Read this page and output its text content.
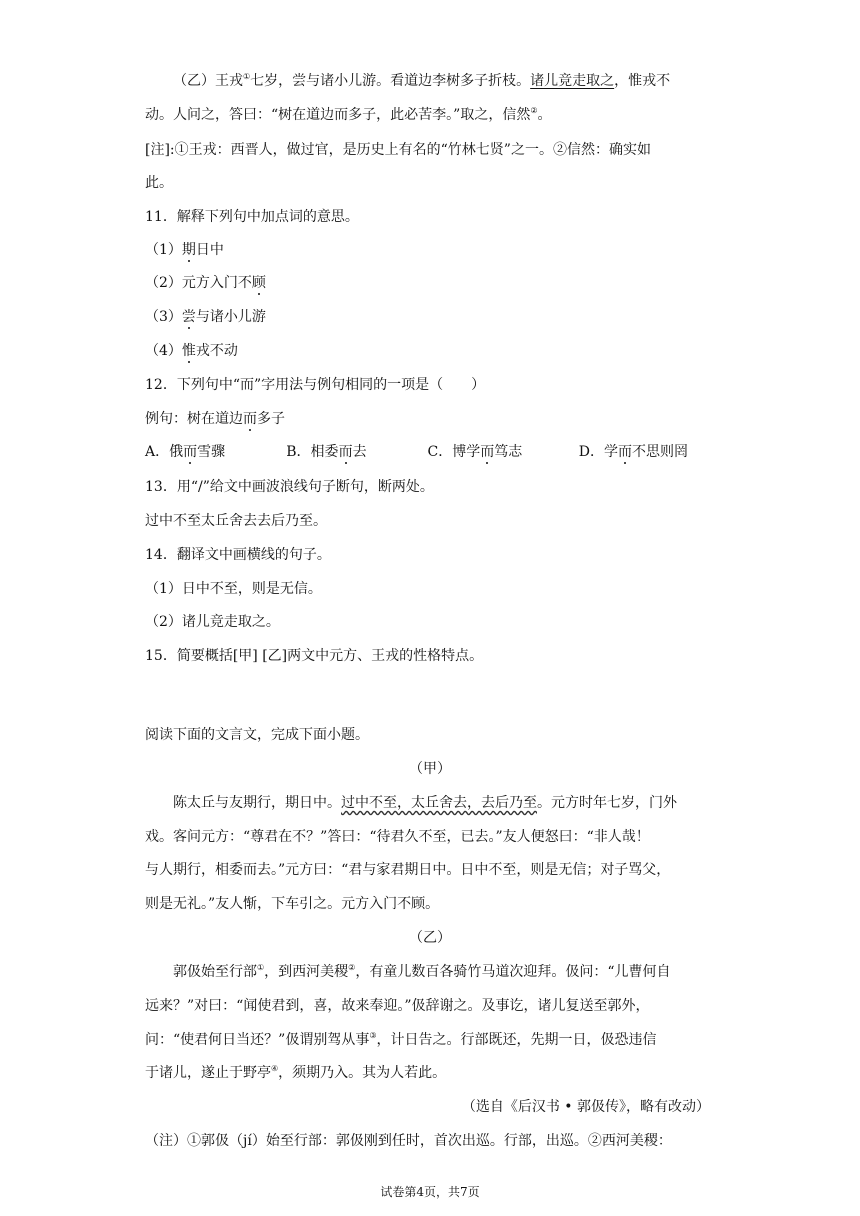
（乙）王戎①七岁，尝与诸小儿游。看道边李树多子折枝。诸儿竞走取之，惟戎不
动。人问之，答曰：“树在道边而多子，此必苦李。”取之，信然②。
[注]:①王戎：西晋人，做过官，是历史上有名的“竹林七贤”之一。②信然：确实如
此。
11．解释下列句中加点词的意思。
（1）期日中
（2）元方入门不顾
（3）尝与诸小儿游
（4）惟戎不动
12．下列句中“而”字用法与例句相同的一项是（　　）
例句：树在道边而多子
A．俄而雪骤	B．相委而去	C．博学而笃志	D．学而不思则罔
13．用“/”给文中画波浪线句子断句，断两处。
过中不至太丘舍去去后乃至。
14．翻译文中画横线的句子。
（1）日中不至，则是无信。
（2）诸儿竞走取之。
15．简要概括[甲] [乙]两文中元方、王戎的性格特点。
阅读下面的文言文，完成下面小题。
（甲）
陈太丘与友期行，期日中。过中不至，太丘舍去，去后乃至。元方时年七岁，门外
戏。客问元方：“尊君在不？”答曰：“待君久不至，已去。”友人便怒曰：“非人哉！
与人期行，相委而去。”元方曰：“君与家君期日中。日中不至，则是无信；对子骂父，
则是无礼。”友人惭，下车引之。元方入门不顾。
（乙）
郭伋始至行部①，到西河美稷②，有童儿数百各骑竹马道次迎拜。伋问：“儿曹何自
远来？”对曰：“闻使君到，喜，故来奉迎。”伋辞谢之。及事讫，诸儿复送至郭外，
问：“使君何日当还？”伋谓别驾从事③，计日告之。行部既还，先期一日，伋恐违信
于诸儿，遂止于野亭④，须期乃入。其为人若此。
（选自《后汉书 • 郭伋传》，略有改动）
（注）①郭伋（jí）始至行部：郭伋刚到任时，首次出巡。行部，出巡。②西河美稷：
试卷第4页，共7页
